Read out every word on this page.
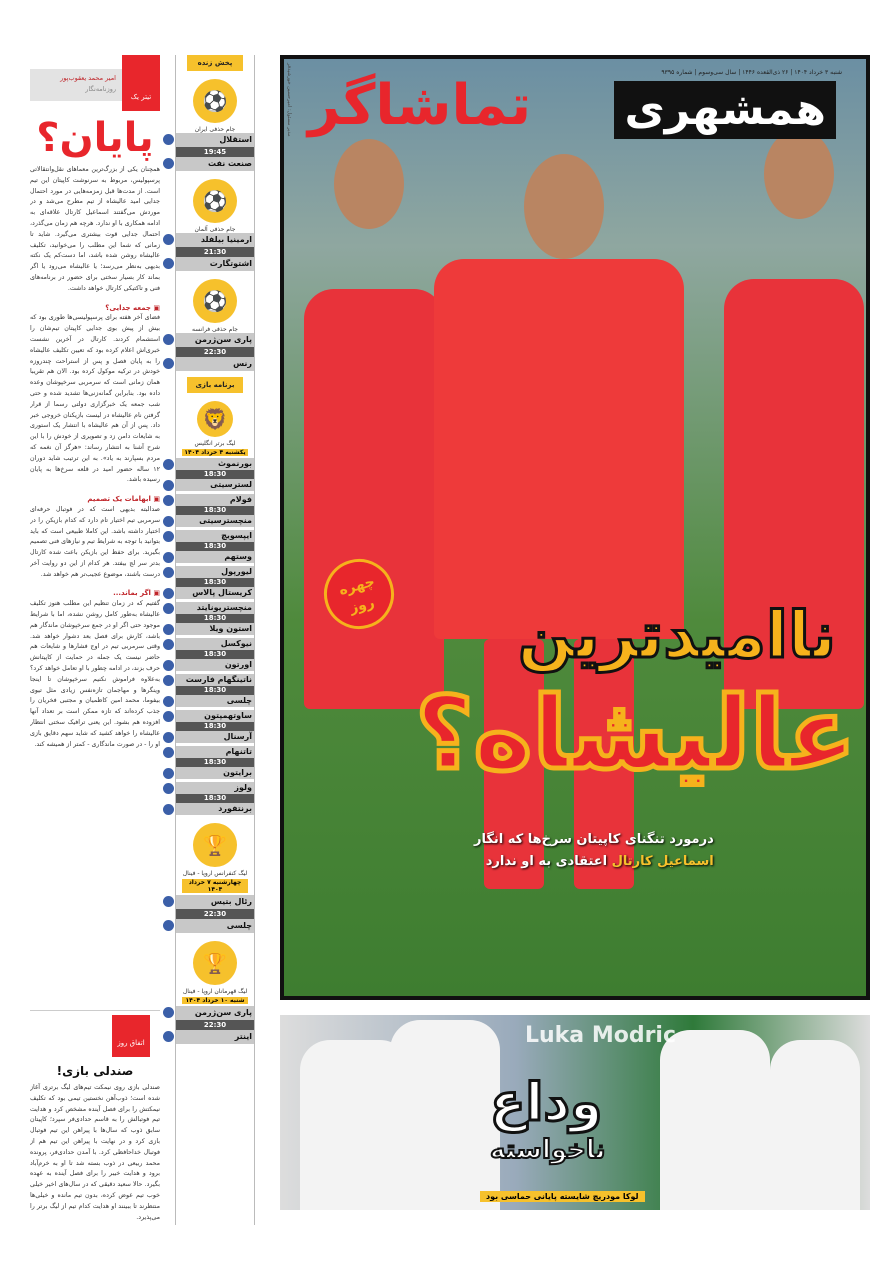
تیتر یک
امیر محمد یعقوب‌پور
روزنامه‌نگار
پایان؟

همچنان یکی از بزرگ‌ترین معماهای نقل‌وانتقالاتی پرسپولیس، مربوط به سرنوشت کاپیتان این تیم است. از مدت‌ها قبل زمزمه‌هایی در مورد احتمال جدایی امید عالیشاه از تیم مطرح می‌شد و در موردش می‌گفتند اسماعیل کارتال علاقه‌ای به ادامه همکاری با او ندارد. هرچه هم زمان می‌گذرد، احتمال جدایی قوت بیشتری می‌گیرد. شاید تا زمانی که شما این مطلب را می‌خوانید، تکلیف عالیشاه روشن شده باشد، اما دست‌کم یک نکته بدیهی به‌نظر می‌رسد؛ یا عالیشاه می‌رود یا اگر بماند کار بسیار سختی برای حضور در برنامه‌های فنی و تاکتیکی کارتال خواهد داشت.

▣ جمعه جدایی؟

فضای آخر هفته برای پرسپولیسی‌ها طوری بود که بیش از پیش بوی جدایی کاپیتان تیم‌شان را استشمام کردند. کارتال در آخرین نشست خبری‌اش اعلام کرده بود که تعیین تکلیف عالیشاه را به پایان فصل و پس از استراحت چندروزه خودش در ترکیه موکول کرده بود. الان هم تقریبا همان زمانی است که سرمربی سرخپوشان وعده داده بود. بنابراین گمانه‌زنی‌ها تشدید شده و حتی شب جمعه یک خبرگزاری دولتی رسما از قرار گرفتن نام عالیشاه در لیست بازیکنان خروجی خبر داد. پس از آن هم عالیشاه با انتشار یک استوری به شایعات دامن زد و تصویری از خودش را با این شرح آشنا به انتشار رساند: «هرگز آن نغمه که مردم بسپارند به یاد». به این ترتیب شاید دوران ۱۲ ساله حضور امید در قلعه سرخ‌ها به پایان رسیده باشد.

▣ ابهامات یک تصمیم

صدالبته بدیهی است که در فوتبال حرفه‌ای سرمربی تیم اختیار تام دارد که کدام بازیکن را در اختیار داشته باشد. این کاملا طبیعی است که باید بتوانید با توجه به شرایط تیم و نیازهای فنی تصمیم بگیرید. برای حفظ این بازیکن باعث شده کارتال بدتر سر لج بیفتد. هر کدام از این دو روایت آخر درست باشند، موضوع عجیب‌تر هم خواهد شد.

▣ اگر بماند...

گفتیم که در زمان تنظیم این مطلب هنوز تکلیف عالیشاه به‌طور کامل روشن نشده، اما با شرایط موجود حتی اگر او در جمع سرخپوشان ماندگار هم باشد، کارش برای فصل بعد دشوار خواهد شد. وقتی سرمربی تیم در اوج فشارها و شایعات هم حاضر نیست یک جمله در حمایت از کاپیتانش حرف بزند، در ادامه چطور با او تعامل خواهد کرد؟ به‌علاوه فراموش نکنیم سرخپوشان تا اینجا وینگرها و مهاجمان تازه‌نفس زیادی مثل تیوی بیفوما، محمد امین کاظمیان و مجتبی فخریان را جذب کرده‌اند که تازه ممکن است بر تعداد آنها افزوده هم بشود. این یعنی ترافیک سختی انتظار عالیشاه را خواهد کشید که شاید سهم دقایق بازی او را - در صورت ماندگاری - کمتر از همیشه کند.

اتفاق روز
صندلی بازی!
صندلی بازی روی نیمکت تیم‌های لیگ برتری آغاز شده است؛ ذوب‌آهن نخستین تیمی بود که تکلیف نیمکتش را برای فصل آینده مشخص کرد و هدایت تیم فوتبالش را به قاسم حدادی‌فر سپرد؛ کاپیتان سابق ذوب که سال‌ها با پیراهن این تیم فوتبال بازی کرد و در نهایت با پیراهن این تیم هم از فوتبال خداحافظی کرد. با آمدن حدادی‌فر، پرونده محمد ربیعی در ذوب بسته شد تا او به خرم‌آباد برود و هدایت خیبر را برای فصل آینده به عهده بگیرد. حالا سعید دقیقی که در سال‌های اخیر خیلی خوب تیم عوض کرده، بدون تیم مانده و خیلی‌ها منتظرند تا ببینند او هدایت کدام تیم از لیگ برتر را می‌پذیرد.
پخش زنده
⚽
جام حذفی ایران
استقلال
19:45
صنعت نفت
⚽
جام حذفی آلمان
ارمینیا بیلفلد
21:30
اشتوتگارت
⚽
جام حذفی فرانسه
پاری سن‌ژرمن
22:30
رنس
برنامه بازی
🦁
لیگ برتر انگلیس
یکشنبه ۴ خرداد ۱۴۰۴
بورنموث
18:30
لسترسیتی
فولام
18:30
منچسترسیتی
ایپسویچ
18:30
وستهم
لیورپول
18:30
کریستال پالاس
منچستریونایتد
18:30
استون ویلا
نیوکسل
18:30
اورتون
ناتینگهام فارست
18:30
چلسی
ساوتهمپتون
18:30
آرسنال
تاتنهام
18:30
برایتون
ولوز
18:30
برنتفورد
🏆
لیگ کنفرانس اروپا - فینال
چهارشنبه ۷ خرداد ۱۴۰۴
رئال بتیس
22:30
چلسی
🏆
لیگ قهرمانان اروپا - فینال
شنبه ۱۰ خرداد ۱۴۰۴
پاری سن‌ژرمن
22:30
اینتر
مدیر مسئول: امیرحسین خورشیدفر	شنبه ۳ خرداد ۱۴۰۴ | ۲۶ ذی‌القعده ۱۴۴۶ | سال سی‌وسوم | شماره ۹۳۹۵
همشهری
تماشاگر
چهره روز	ناامیدترین
عالیشاه؟
درمورد تنگنای کاپیتان سرخ‌ها که انگار
اسماعیل کارتال اعتقادی به او ندارد
Luka Modric
وداع
ناخواسته
لوکا مودریچ شایسته پایانی حماسی بود
